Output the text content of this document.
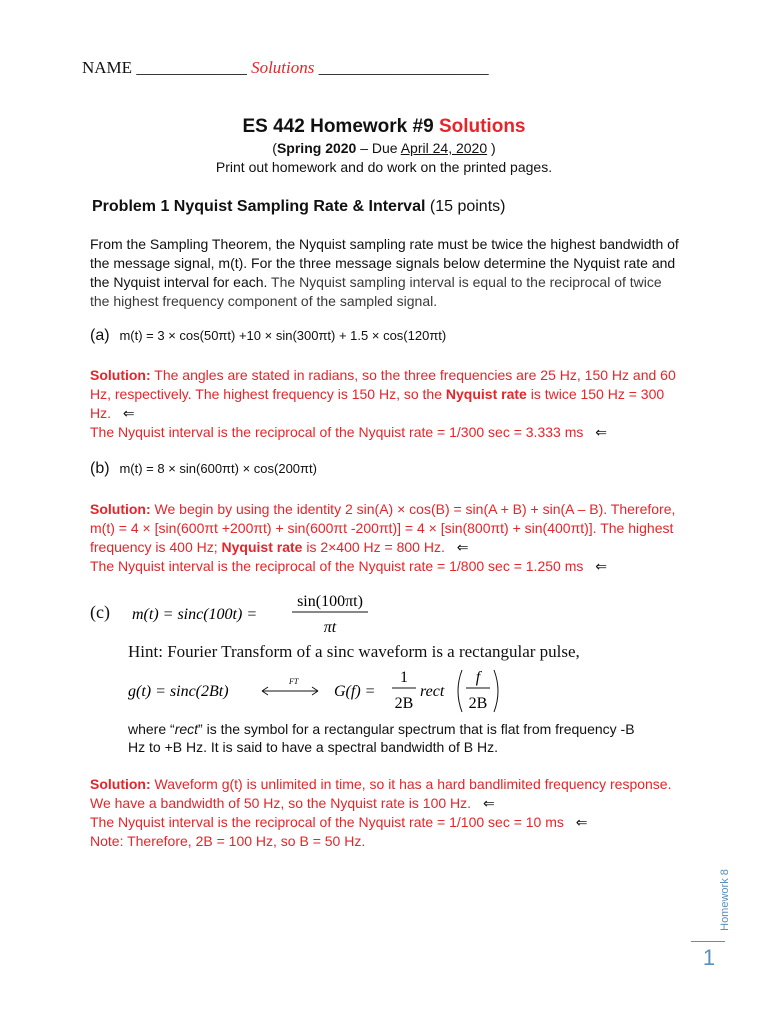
NAME _____________ Solutions ____________________
ES 442 Homework #9 Solutions
(Spring 2020 – Due April 24, 2020 )
Print out homework and do work on the printed pages.
Problem 1 Nyquist Sampling Rate & Interval (15 points)
From the Sampling Theorem, the Nyquist sampling rate must be twice the highest bandwidth of the message signal, m(t). For the three message signals below determine the Nyquist rate and the Nyquist interval for each. The Nyquist sampling interval is equal to the reciprocal of twice the highest frequency component of the sampled signal.
(a) m(t) = 3 × cos(50πt) +10 × sin(300πt) + 1.5 × cos(120πt)
Solution: The angles are stated in radians, so the three frequencies are 25 Hz, 150 Hz and 60 Hz, respectively. The highest frequency is 150 Hz, so the Nyquist rate is twice 150 Hz = 300 Hz. ⇐
The Nyquist interval is the reciprocal of the Nyquist rate = 1/300 sec = 3.333 ms ⇐
(b) m(t) = 8 × sin(600πt) × cos(200πt)
Solution: We begin by using the identity 2 sin(A) × cos(B) = sin(A + B) + sin(A – B). Therefore, m(t) = 4 × [sin(600πt +200πt) + sin(600πt -200πt)] = 4 × [sin(800πt) + sin(400πt)]. The highest frequency is 400 Hz; Nyquist rate is 2×400 Hz = 800 Hz. ⇐
The Nyquist interval is the reciprocal of the Nyquist rate = 1/800 sec = 1.250 ms ⇐
(c) m(t) = sinc(100t) =
sin(100πt)
πt
Hint: Fourier Transform of a sinc waveform is a rectangular pulse,
g(t) = sinc(2Bt)
FT
G(f) =
1
2B
rect
f
2B
where “rect” is the symbol for a rectangular spectrum that is flat from frequency -B Hz to +B Hz. It is said to have a spectral bandwidth of B Hz.
Solution: Waveform g(t) is unlimited in time, so it has a hard bandlimited frequency response. We have a bandwidth of 50 Hz, so the Nyquist rate is 100 Hz. ⇐
The Nyquist interval is the reciprocal of the Nyquist rate = 1/100 sec = 10 ms ⇐
Note: Therefore, 2B = 100 Hz, so B = 50 Hz.
Homework 8
1
